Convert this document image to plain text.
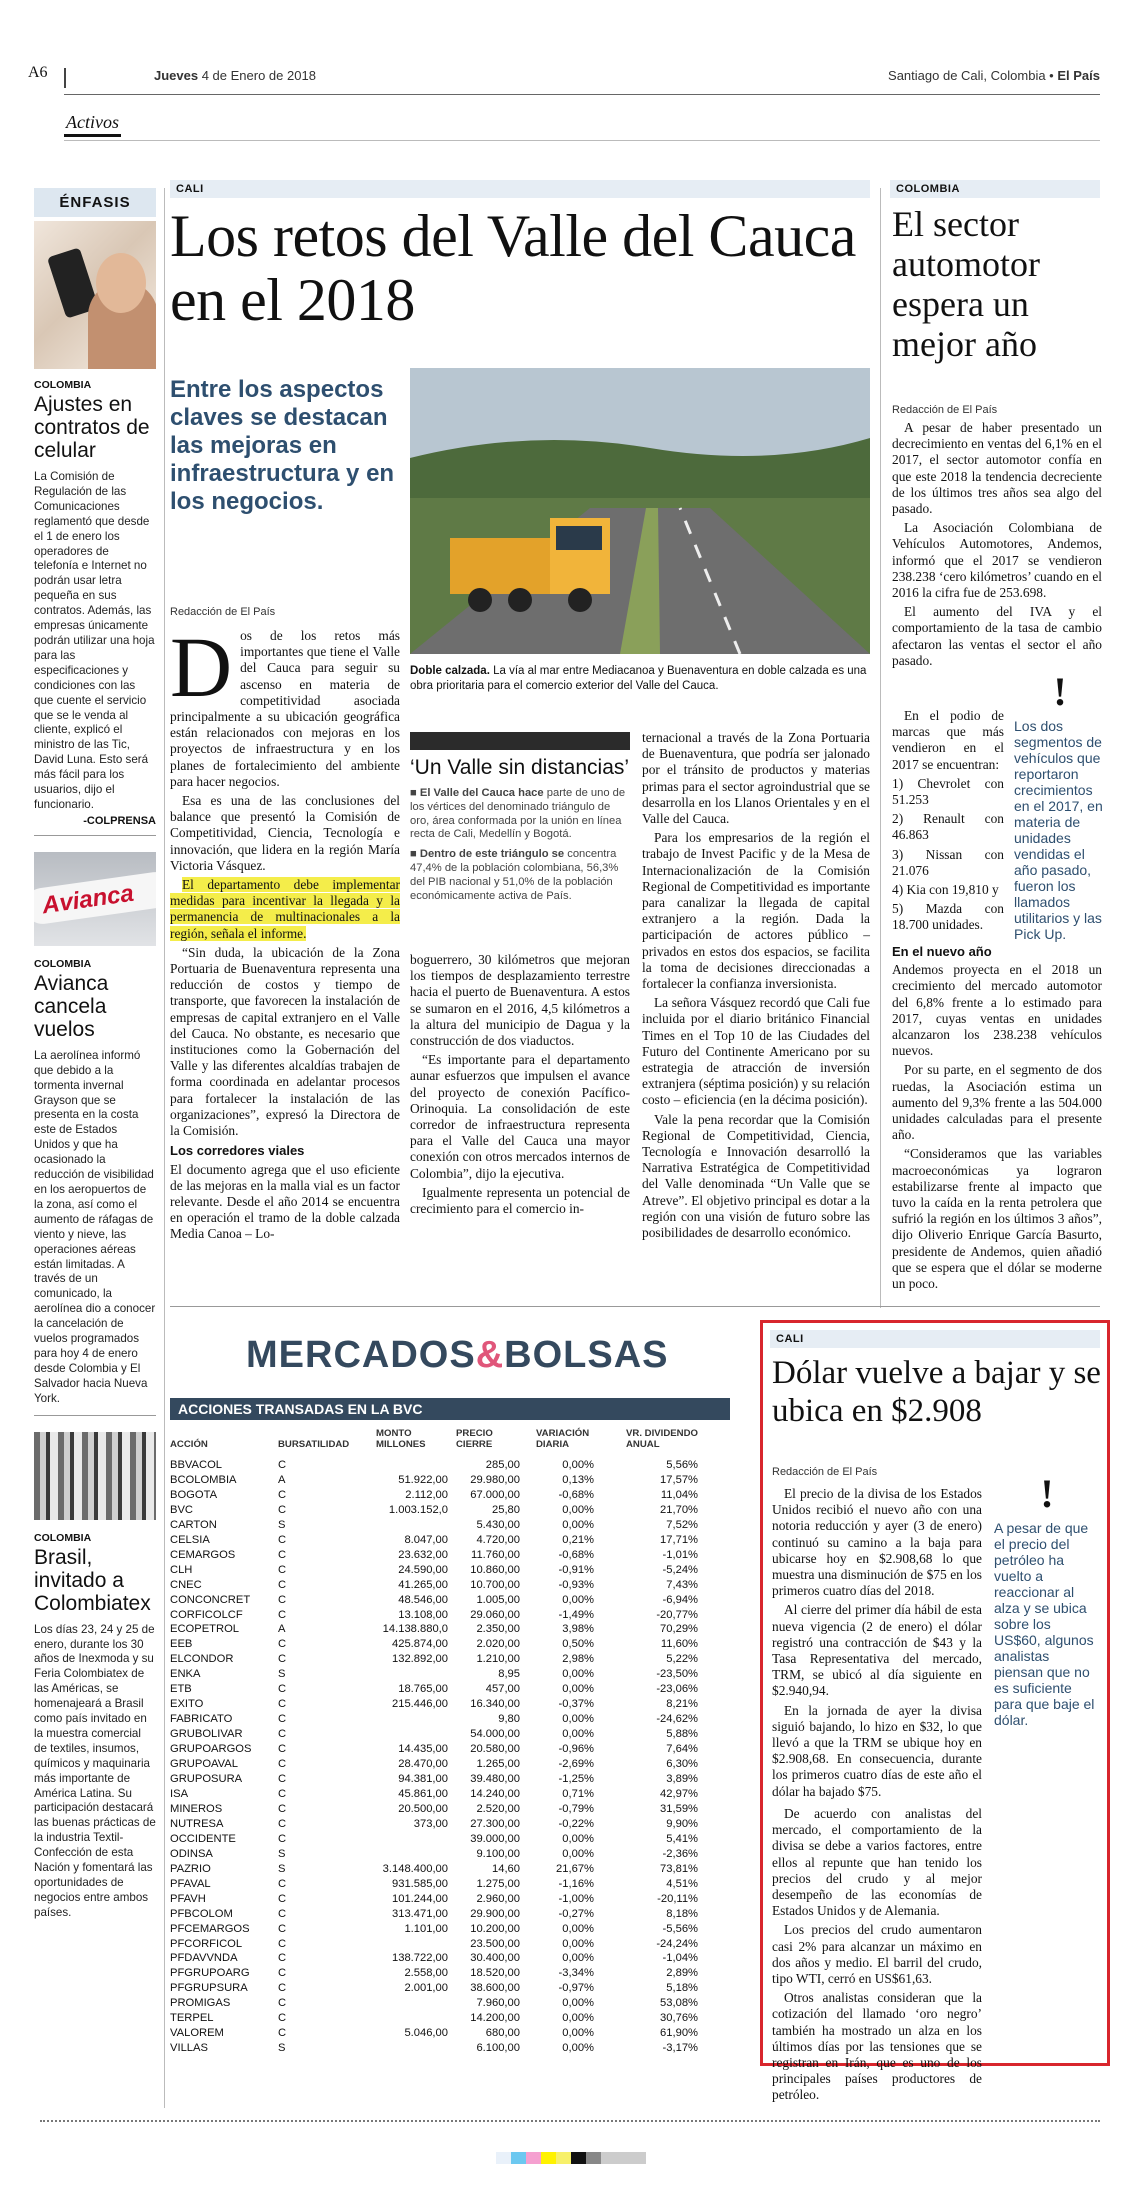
A6	Jueves 4 de Enero de 2018	Santiago de Cali, Colombia • El País
Activos
ÉNFASIS
COLOMBIA
Ajustes en contratos de celular
La Comisión de Regulación de las Comunicaciones reglamentó que desde el 1 de enero los operadores de telefonía e Internet no podrán usar letra pequeña en sus contratos. Además, las empresas únicamente podrán utilizar una hoja para las especificaciones y condiciones con las que cuente el servicio que se le venda al cliente, explicó el ministro de las Tic, David Luna. Esto será más fácil para los usuarios, dijo el funcionario.
-COLPRENSA
Avianca
COLOMBIA
Avianca cancela vuelos
La aerolínea informó que debido a la tormenta invernal Grayson que se presenta en la costa este de Estados Unidos y que ha ocasionado la reducción de visibilidad en los aeropuertos de la zona, así como el aumento de ráfagas de viento y nieve, las operaciones aéreas están limitadas. A través de un comunicado, la aerolínea dio a conocer la cancelación de vuelos programados para hoy 4 de enero desde Colombia y El Salvador hacia Nueva York.
COLOMBIA
Brasil, invitado a Colombiatex
Los días 23, 24 y 25 de enero, durante los 30 años de Inexmoda y su Feria Colombiatex de las Américas, se homenajeará a Brasil como país invitado en la muestra comercial de textiles, insumos, químicos y maquinaria más importante de América Latina. Su participación destacará las buenas prácticas de la industria Textil-Confección de esta Nación y fomentará las oportunidades de negocios entre ambos países.
CALI
Los retos del Valle del Cauca en el 2018
Entre los aspectos claves se destacan las mejoras en infraestructura y en los negocios.
Redacción de El País
Doble calzada. La vía al mar entre Mediacanoa y Buenaventura en doble calzada es una obra prioritaria para el comercio exterior del Valle del Cauca.

Dos de los retos más importantes que tiene el Valle del Cauca para seguir su ascenso en materia de competitividad asociada principalmente a su ubicación geográfica están relacionados con mejoras en los proyectos de infraestructura y en los planes de fortalecimiento del ambiente para hacer negocios.

Esa es una de las conclusiones del balance que presentó la Comisión de Competitividad, Ciencia, Tecnología e innovación, que lidera en la región María Victoria Vásquez.

El departamento debe implementar medidas para incentivar la llegada y la permanencia de multinacionales a la región, señala el informe.

“Sin duda, la ubicación de la Zona Portuaria de Buenaventura representa una reducción de costos y tiempo de transporte, que favorecen la instalación de empresas de capital extranjero en el Valle del Cauca. No obstante, es necesario que instituciones como la Gobernación del Valle y las diferentes alcaldías trabajen de forma coordinada en adelantar procesos para fortalecer la instalación de las organizaciones”, expresó la Directora de la Comisión.

Los corredores viales

El documento agrega que el uso eficiente de las mejoras en la malla vial es un factor relevante. Desde el año 2014 se encuentra en operación el tramo de la doble calzada Media Canoa – Lo-

‘Un Valle sin distancias’
■ El Valle del Cauca hace parte de uno de los vértices del denominado triángulo de oro, área conformada por la unión en línea recta de Cali, Medellín y Bogotá.
■ Dentro de este triángulo se concentra 47,4% de la población colombiana, 56,3% del PIB nacional y 51,0% de la población económicamente activa de País.

boguerrero, 30 kilómetros que mejoran los tiempos de desplazamiento terrestre hacia el puerto de Buenaventura. A estos se sumaron en el 2016, 4,5 kilómetros a la altura del municipio de Dagua y la construcción de dos viaductos.

“Es importante para el departamento aunar esfuerzos que impulsen el avance del proyecto de conexión Pacífico-Orinoquia. La consolidación de este corredor de infraestructura representa para el Valle del Cauca una mayor conexión con otros mercados internos de Colombia”, dijo la ejecutiva.

Igualmente representa un potencial de crecimiento para el comercio in-

ternacional a través de la Zona Portuaria de Buenaventura, que podría ser jalonado por el tránsito de productos y materias primas para el sector agroindustrial que se desarrolla en los Llanos Orientales y en el Valle del Cauca.

Para los empresarios de la región el trabajo de Invest Pacific y de la Mesa de Internacionalización de la Comisión Regional de Competitividad es importante para canalizar la llegada de capital extranjero a la región. Dada la participación de actores público – privados en estos dos espacios, se facilita la toma de decisiones direccionadas a fortalecer la confianza inversionista.

La señora Vásquez recordó que Cali fue incluida por el diario británico Financial Times en el Top 10 de las Ciudades del Futuro del Continente Americano por su estrategia de atracción de inversión extranjera (séptima posición) y su relación costo – eficiencia (en la décima posición).

Vale la pena recordar que la Comisión Regional de Competitividad, Ciencia, Tecnología e Innovación desarrolló la Narrativa Estratégica de Competitividad del Valle denominada “Un Valle que se Atreve”. El objetivo principal es dotar a la región con una visión de futuro sobre las posibilidades de desarrollo económico.

COLOMBIA
El sector automotor espera un mejor año
Redacción de El País

A pesar de haber presentado un decrecimiento en ventas del 6,1% en el 2017, el sector automotor confía en que este 2018 la tendencia decreciente de los últimos tres años sea algo del pasado.

La Asociación Colombiana de Vehículos Automotores, Andemos, informó que el 2017 se vendieron 238.238 ‘cero kilómetros’ cuando en el 2016 la cifra fue de 253.698.

El aumento del IVA y el comportamiento de la tasa de cambio afectaron las ventas el sector el año pasado.

En el podio de marcas que más vendieron en el 2017 se encuentran:

1) Chevrolet con 51.253

2) Renault con 46.863

3) Nissan con 21.076

4) Kia con 19,810 y

5) Mazda con 18.700 unidades.

!
Los dos segmentos de vehículos que reportaron crecimientos en el 2017, en materia de unidades vendidas el año pasado, fueron los llamados utilitarios y las Pick Up.
En el nuevo año

Andemos proyecta en el 2018 un crecimiento del mercado automotor del 6,8% frente a lo estimado para 2017, cuyas ventas en unidades alcanzaron los 238.238 vehículos nuevos.

Por su parte, en el segmento de dos ruedas, la Asociación estima un aumento del 9,3% frente a las 504.000 unidades calculadas para el presente año.

“Consideramos que las variables macroeconómicas ya lograron estabilizarse frente al impacto que tuvo la caída en la renta petrolera que sufrió la región en los últimos 3 años”, dijo Oliverio Enrique García Basurto, presidente de Andemos, quien añadió que se espera que el dólar se moderne un poco.

MERCADOS&BOLSAS
ACCIONES TRANSADAS EN LA BVC
ACCIÓN	BURSATILIDAD	MONTO MILLONES	PRECIO CIERRE	VARIACIÓN DIARIA	VR. DIVIDENDO ANUAL
BBVACOL	C		285,00	0,00%	5,56%
BCOLOMBIA	A	51.922,00	29.980,00	0,13%	17,57%
BOGOTA	C	2.112,00	67.000,00	-0,68%	11,04%
BVC	C	1.003.152,0	25,80	0,00%	21,70%
CARTON	S		5.430,00	0,00%	7,52%
CELSIA	C	8.047,00	4.720,00	0,21%	17,71%
CEMARGOS	C	23.632,00	11.760,00	-0,68%	-1,01%
CLH	C	24.590,00	10.860,00	-0,91%	-5,24%
CNEC	C	41.265,00	10.700,00	-0,93%	7,43%
CONCONCRET	C	48.546,00	1.005,00	0,00%	-6,94%
CORFICOLCF	C	13.108,00	29.060,00	-1,49%	-20,77%
ECOPETROL	A	14.138.880,0	2.350,00	3,98%	70,29%
EEB	C	425.874,00	2.020,00	0,50%	11,60%
ELCONDOR	C	132.892,00	1.210,00	2,98%	5,22%
ENKA	S		8,95	0,00%	-23,50%
ETB	C	18.765,00	457,00	0,00%	-23,06%
EXITO	C	215.446,00	16.340,00	-0,37%	8,21%
FABRICATO	C		9,80	0,00%	-24,62%
GRUBOLIVAR	C		54.000,00	0,00%	5,88%
GRUPOARGOS	C	14.435,00	20.580,00	-0,96%	7,64%
GRUPOAVAL	C	28.470,00	1.265,00	-2,69%	6,30%
GRUPOSURA	C	94.381,00	39.480,00	-1,25%	3,89%
ISA	C	45.861,00	14.240,00	0,71%	42,97%
MINEROS	C	20.500,00	2.520,00	-0,79%	31,59%
NUTRESA	C	373,00	27.300,00	-0,22%	9,90%
OCCIDENTE	C		39.000,00	0,00%	5,41%
ODINSA	S		9.100,00	0,00%	-2,36%
PAZRIO	S	3.148.400,00	14,60	21,67%	73,81%
PFAVAL	C	931.585,00	1.275,00	-1,16%	4,51%
PFAVH	C	101.244,00	2.960,00	-1,00%	-20,11%
PFBCOLOM	C	313.471,00	29.900,00	-0,27%	8,18%
PFCEMARGOS	C	1.101,00	10.200,00	0,00%	-5,56%
PFCORFICOL	C		23.500,00	0,00%	-24,24%
PFDAVVNDA	C	138.722,00	30.400,00	0,00%	-1,04%
PFGRUPOARG	C	2.558,00	18.520,00	-3,34%	2,89%
PFGRUPSURA	C	2.001,00	38.600,00	-0,97%	5,18%
PROMIGAS	C		7.960,00	0,00%	53,08%
TERPEL	C		14.200,00	0,00%	30,76%
VALOREM	C	5.046,00	680,00	0,00%	61,90%
VILLAS	S		6.100,00	0,00%	-3,17%
CALI
Dólar vuelve a bajar y se ubica en $2.908
Redacción de El País

El precio de la divisa de los Estados Unidos recibió el nuevo año con una notoria reducción y ayer (3 de enero) continuó su camino a la baja para ubicarse hoy en $2.908,68 lo que muestra una disminución de $75 en los primeros cuatro días del 2018.

Al cierre del primer día hábil de esta nueva vigencia (2 de enero) el dólar registró una contracción de $43 y la Tasa Representativa del mercado, TRM, se ubicó al día siguiente en $2.940,94.

En la jornada de ayer la divisa siguió bajando, lo hizo en $32, lo que llevó a que la TRM se ubique hoy en $2.908,68. En consecuencia, durante los primeros cuatro días de este año el dólar ha bajado $75.

!
A pesar de que el precio del petróleo ha vuelto a reaccionar al alza y se ubica sobre los US$60, algunos analistas piensan que no es suficiente para que baje el dólar.

De acuerdo con analistas del mercado, el comportamiento de la divisa se debe a varios factores, entre ellos al repunte que han tenido los precios del crudo y al mejor desempeño de las economías de Estados Unidos y de Alemania.

Los precios del crudo aumentaron casi 2% para alcanzar un máximo en dos años y medio. El barril del crudo, tipo WTI, cerró en US$61,63.

Otros analistas consideran que la cotización del llamado ‘oro negro’ también ha mostrado un alza en los últimos días por las tensiones que se registran en Irán, que es uno de los principales países productores de petróleo.
